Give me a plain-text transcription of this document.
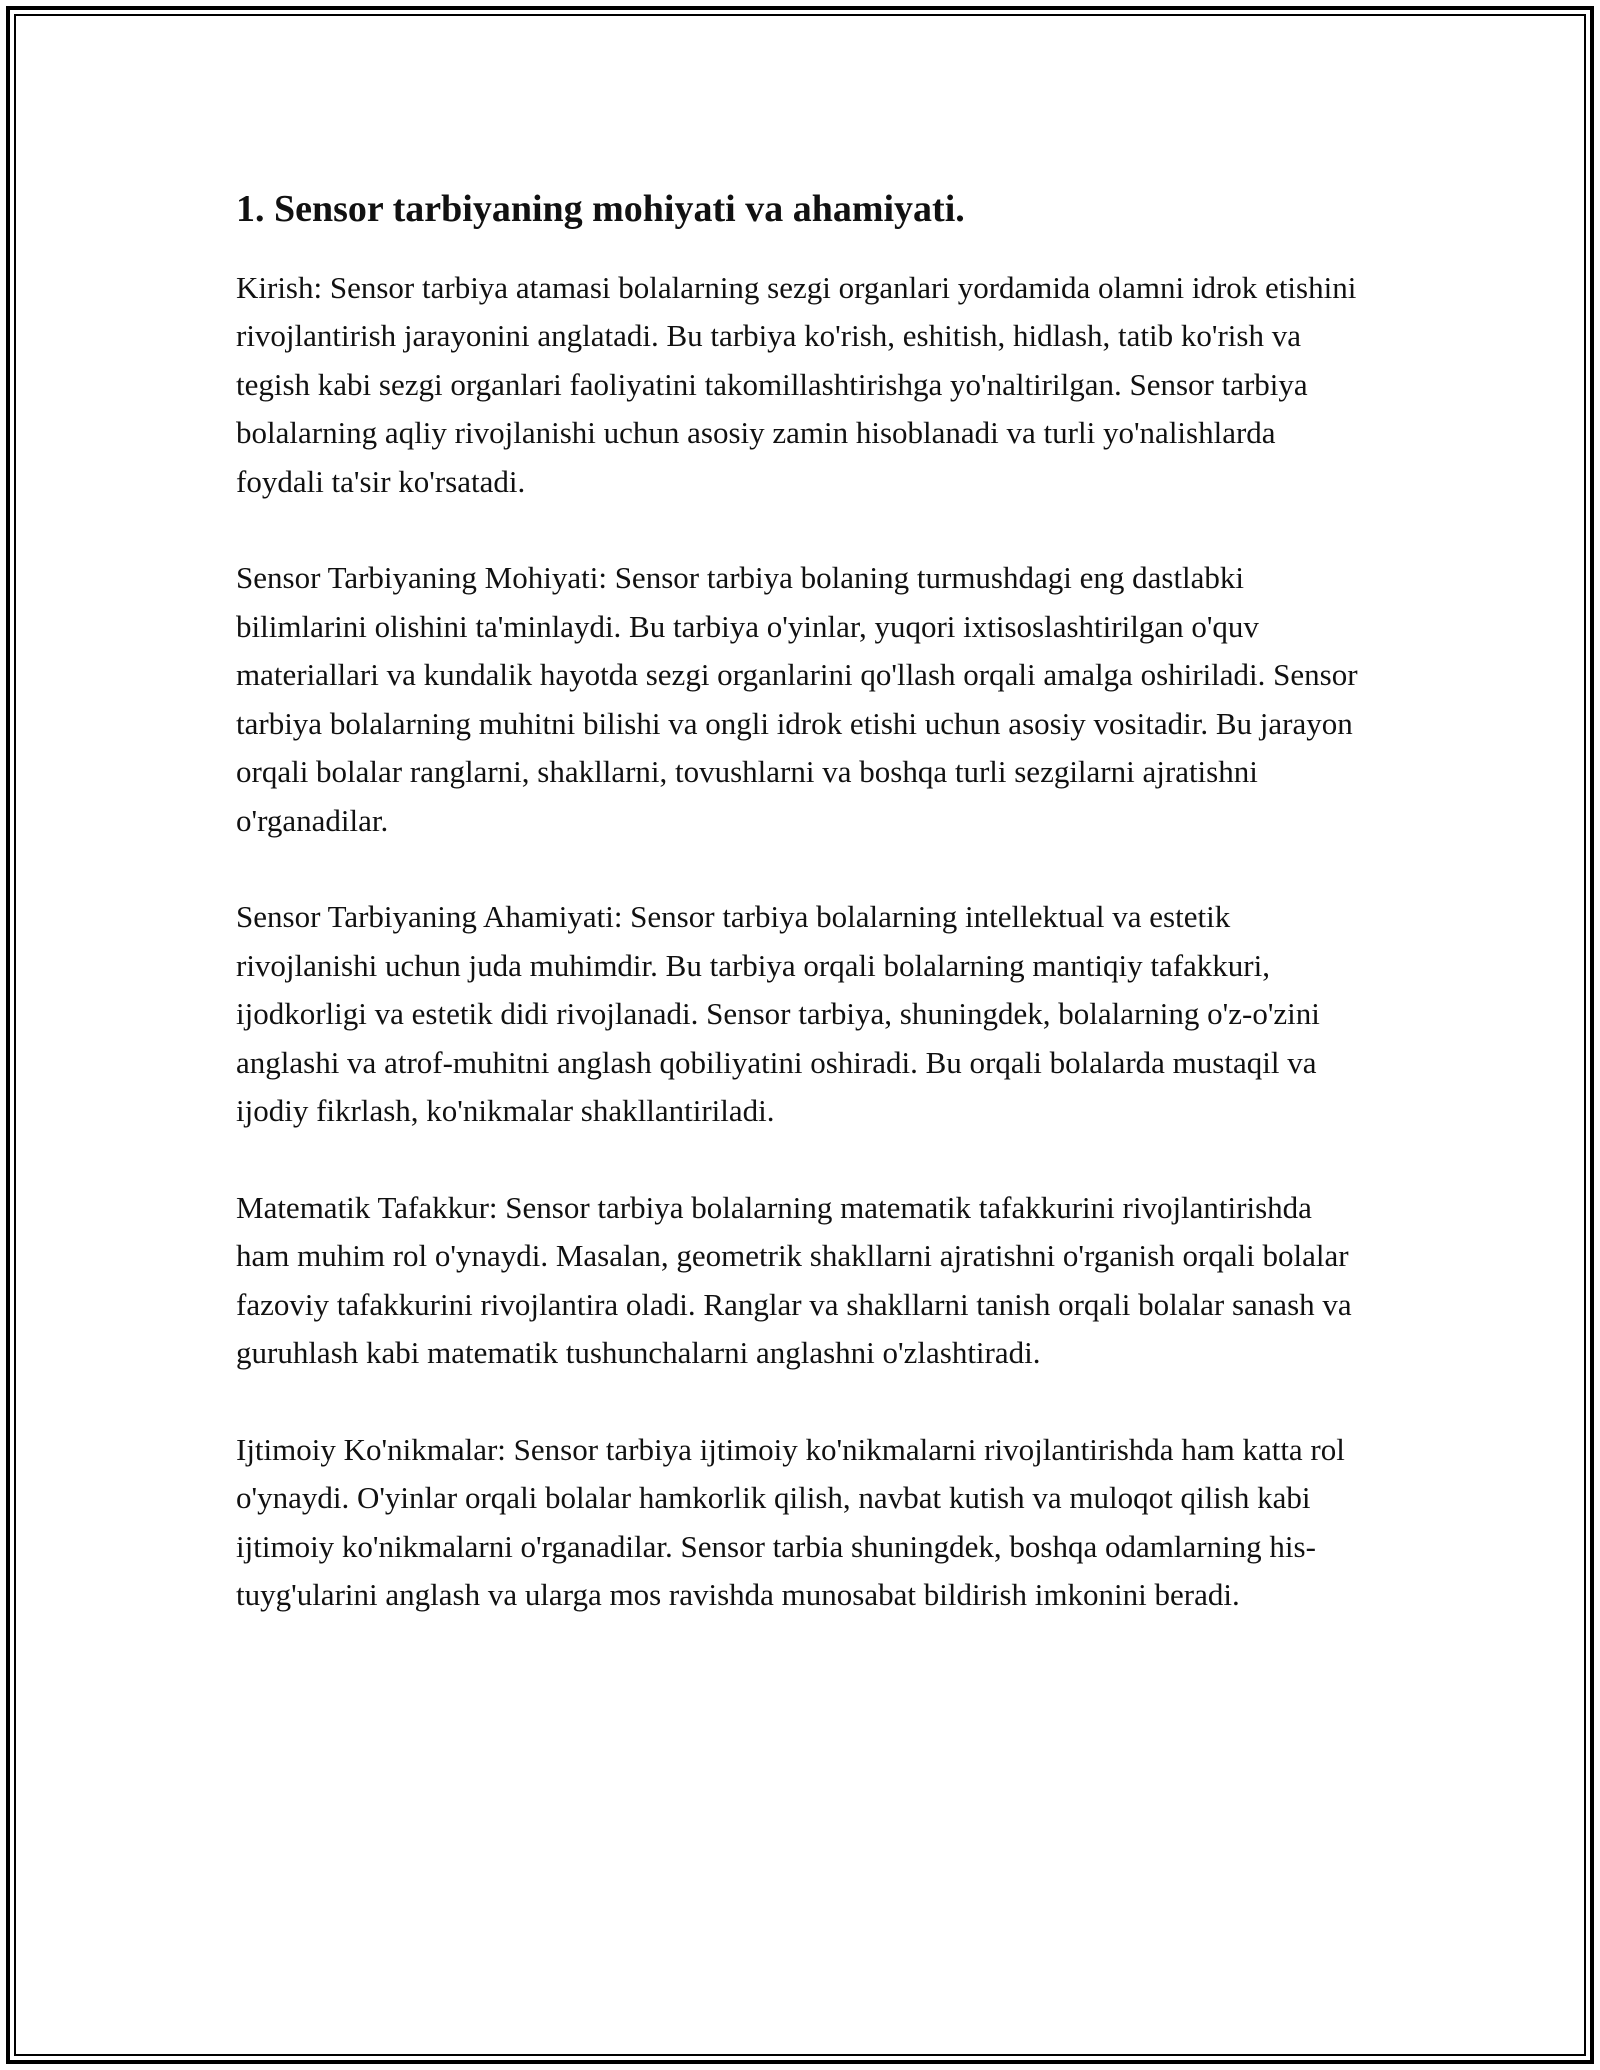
1. Sensor tarbiyaning mohiyati va ahamiyati.

Kirish: Sensor tarbiya atamasi bolalarning sezgi organlari yordamida olamni idrok etishini rivojlantirish jarayonini anglatadi. Bu tarbiya ko'rish, eshitish, hidlash, tatib ko'rish va tegish kabi sezgi organlari faoliyatini takomillashtirishga yo'naltirilgan. Sensor tarbiya bolalarning aqliy rivojlanishi uchun asosiy zamin hisoblanadi va turli yo'nalishlarda foydali ta'sir ko'rsatadi.

Sensor Tarbiyaning Mohiyati: Sensor tarbiya bolaning turmushdagi eng dastlabki bilimlarini olishini ta'minlaydi. Bu tarbiya o'yinlar, yuqori ixtisoslashtirilgan o'quv materiallari va kundalik hayotda sezgi organlarini qo'llash orqali amalga oshiriladi. Sensor tarbiya bolalarning muhitni bilishi va ongli idrok etishi uchun asosiy vositadir. Bu jarayon orqali bolalar ranglarni, shakllarni, tovushlarni va boshqa turli sezgilarni ajratishni o'rganadilar.

Sensor Tarbiyaning Ahamiyati: Sensor tarbiya bolalarning intellektual va estetik rivojlanishi uchun juda muhimdir. Bu tarbiya orqali bolalarning mantiqiy tafakkuri, ijodkorligi va estetik didi rivojlanadi. Sensor tarbiya, shuningdek, bolalarning o'z-o'zini anglashi va atrof-muhitni anglash qobiliyatini oshiradi. Bu orqali bolalarda mustaqil va ijodiy fikrlash, ko'nikmalar shakllantiriladi.

Matematik Tafakkur: Sensor tarbiya bolalarning matematik tafakkurini rivojlantirishda ham muhim rol o'ynaydi. Masalan, geometrik shakllarni ajratishni o'rganish orqali bolalar fazoviy tafakkurini rivojlantira oladi. Ranglar va shakllarni tanish orqali bolalar sanash va guruhlash kabi matematik tushunchalarni anglashni o'zlashtiradi.

Ijtimoiy Ko'nikmalar: Sensor tarbiya ijtimoiy ko'nikmalarni rivojlantirishda ham katta rol o'ynaydi. O'yinlar orqali bolalar hamkorlik qilish, navbat kutish va muloqot qilish kabi ijtimoiy ko'nikmalarni o'rganadilar. Sensor tarbia shuningdek, boshqa odamlarning his-tuyg'ularini anglash va ularga mos ravishda munosabat bildirish imkonini beradi.
